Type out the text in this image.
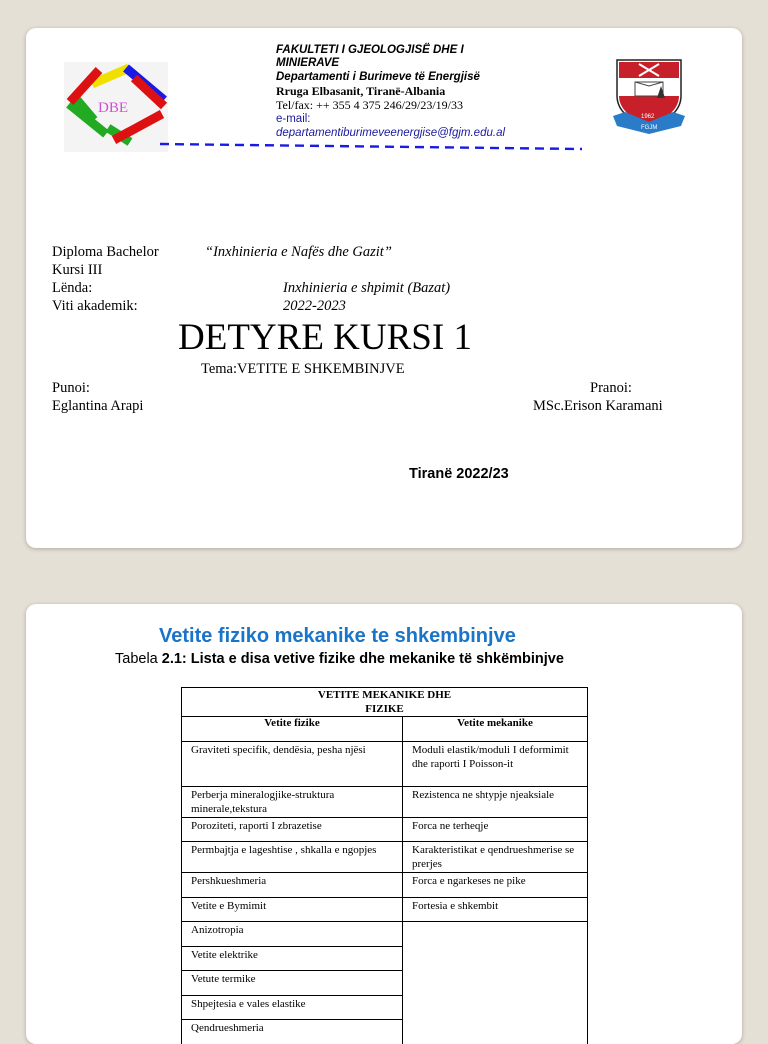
DBE
FAKULTETI I GJEOLOGJISË DHE I
MINIERAVE
Departamenti i Burimeve të Energjisë
Rruga Elbasanit, Tiranë-Albania
Tel/fax: ++ 355 4 375 246/29/23/19/33
e-mail:
departamentiburimeveenergjise@fgjm.edu.al
1962
FGJM
Diploma Bachelor	“Inxhinieria e Nafës dhe Gazit”
Kursi III
Lënda:	Inxhinieria e shpimit (Bazat)
Viti akademik:	2022-2023
DETYRE KURSI 1
Tema:VETITE E SHKEMBINJVE
Punoi:
Eglantina Arapi
Pranoi:
MSc.Erison Karamani
Tiranë 2022/23
Vetite fiziko mekanike te shkembinjve
Tabela 2.1: Lista e disa vetive fizike dhe mekanike të shkëmbinjve
VETITE MEKANIKE DHE
FIZIKE	

Vetite fizike	Vetite mekanike
Graviteti specifik, dendësia, pesha njësi	Moduli elastik/moduli I deformimit dhe raporti I Poisson-it
Perberja mineralogjike-struktura minerale,tekstura	Rezistenca ne shtypje njeaksiale
Poroziteti, raporti I zbrazetise	Forca ne terheqje
Permbajtja e lageshtise , shkalla e ngopjes	Karakteristikat e qendrueshmerise se prerjes
Pershkueshmeria	Forca e ngarkeses ne pike
Vetite e Bymimit	Fortesia e shkembit
Anizotropia	
Vetite elektrike	
Vetute termike	
Shpejtesia e vales elastike	
Qendrueshmeria	
